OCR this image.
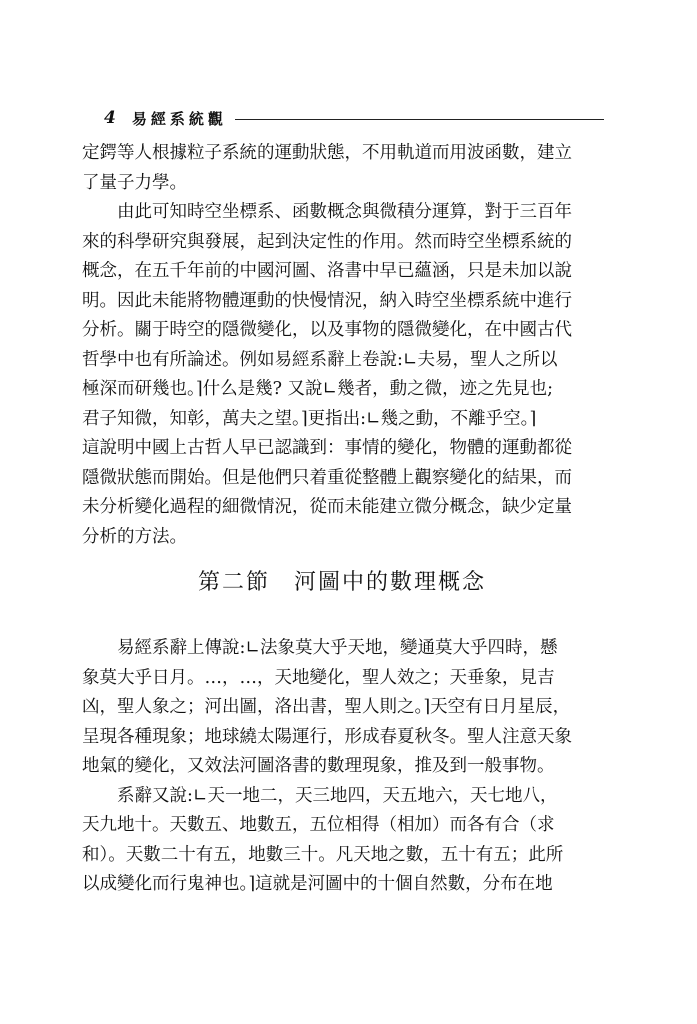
4 易經系統觀
定鍔等人根據粒子系統的運動狀態，不用軌道而用波函數，建立
了量子力學。
　　由此可知時空坐標系、函數概念與微積分運算，對于三百年
來的科學研究與發展，起到決定性的作用。然而時空坐標系統的
概念，在五千年前的中國河圖、洛書中早已蘊涵，只是未加以說
明。因此未能將物體運動的快慢情況，納入時空坐標系統中進行
分析。關于時空的隱微變化，以及事物的隱微變化，在中國古代
哲學中也有所論述。例如易經系辭上卷說:∟夫易，聖人之所以
極深而研幾也。⌉什么是幾? 又說∟幾者，動之微，迹之先見也;
君子知微，知彰，萬夫之望。⌉更指出:∟幾之動，不離乎空。⌉
這說明中國上古哲人早已認識到：事情的變化，物體的運動都從
隱微狀態而開始。但是他們只着重從整體上觀察變化的結果，而
未分析變化過程的細微情況，從而未能建立微分概念，缺少定量
分析的方法。
第二節　河圖中的數理概念
　　易經系辭上傳說:∟法象莫大乎天地，變通莫大乎四時，懸
象莫大乎日月。…，…，天地變化，聖人效之；天垂象，見吉
凶，聖人象之；河出圖，洛出書，聖人則之。⌉天空有日月星辰，
呈現各種現象；地球繞太陽運行，形成春夏秋冬。聖人注意天象
地氣的變化，又效法河圖洛書的數理現象，推及到一般事物。
　　系辭又說:∟天一地二，天三地四，天五地六，天七地八，
天九地十。天數五、地數五，五位相得（相加）而各有合（求
和）。天數二十有五，地數三十。凡天地之數，五十有五；此所
以成變化而行鬼神也。⌉這就是河圖中的十個自然數，分布在地
